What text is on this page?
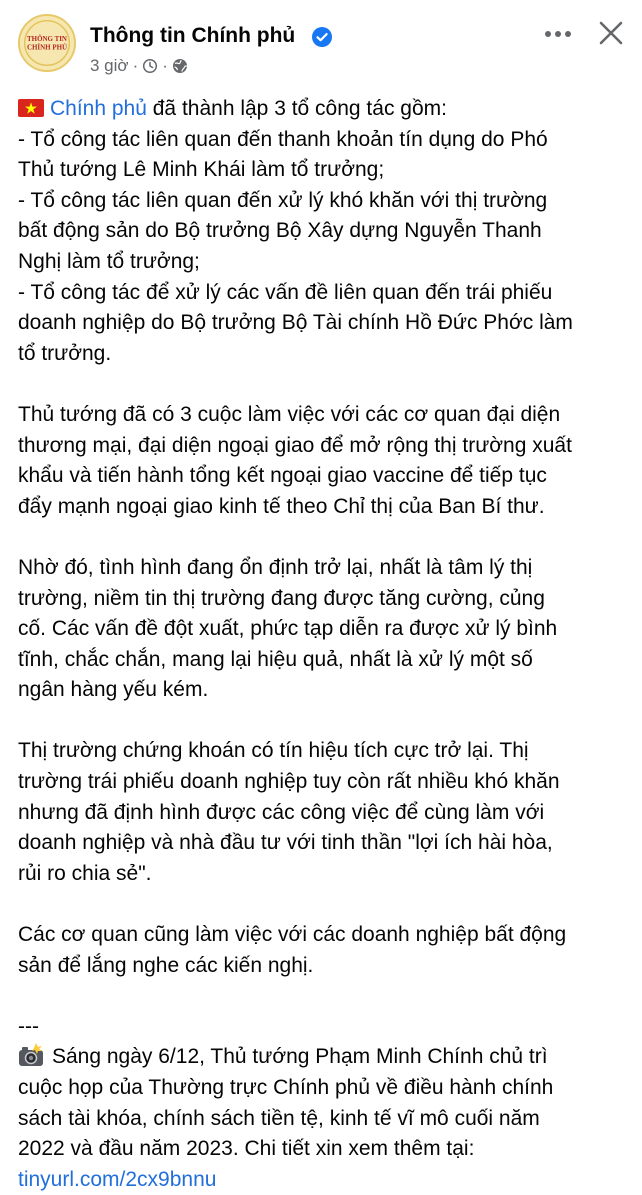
THÔNG TIN
CHÍNH PHỦ
Thông tin Chính phủ
3 giờ · ·

Chính phủ đã thành lập 3 tổ công tác gồm:

- Tổ công tác liên quan đến thanh khoản tín dụng do Phó

Thủ tướng Lê Minh Khái làm tổ trưởng;

- Tổ công tác liên quan đến xử lý khó khăn với thị trường

bất động sản do Bộ trưởng Bộ Xây dựng Nguyễn Thanh

Nghị làm tổ trưởng;

- Tổ công tác để xử lý các vấn đề liên quan đến trái phiếu

doanh nghiệp do Bộ trưởng Bộ Tài chính Hồ Đức Phớc làm

tổ trưởng.

Thủ tướng đã có 3 cuộc làm việc với các cơ quan đại diện

thương mại, đại diện ngoại giao để mở rộng thị trường xuất

khẩu và tiến hành tổng kết ngoại giao vaccine để tiếp tục

đẩy mạnh ngoại giao kinh tế theo Chỉ thị của Ban Bí thư.

Nhờ đó, tình hình đang ổn định trở lại, nhất là tâm lý thị

trường, niềm tin thị trường đang được tăng cường, củng

cố. Các vấn đề đột xuất, phức tạp diễn ra được xử lý bình

tĩnh, chắc chắn, mang lại hiệu quả, nhất là xử lý một số

ngân hàng yếu kém.

Thị trường chứng khoán có tín hiệu tích cực trở lại. Thị

trường trái phiếu doanh nghiệp tuy còn rất nhiều khó khăn

nhưng đã định hình được các công việc để cùng làm với

doanh nghiệp và nhà đầu tư với tinh thần "lợi ích hài hòa,

rủi ro chia sẻ".

Các cơ quan cũng làm việc với các doanh nghiệp bất động

sản để lắng nghe các kiến nghị.

---

Sáng ngày 6/12, Thủ tướng Phạm Minh Chính chủ trì

cuộc họp của Thường trực Chính phủ về điều hành chính

sách tài khóa, chính sách tiền tệ, kinh tế vĩ mô cuối năm

2022 và đầu năm 2023. Chi tiết xin xem thêm tại:

tinyurl.com/2cx9bnnu
